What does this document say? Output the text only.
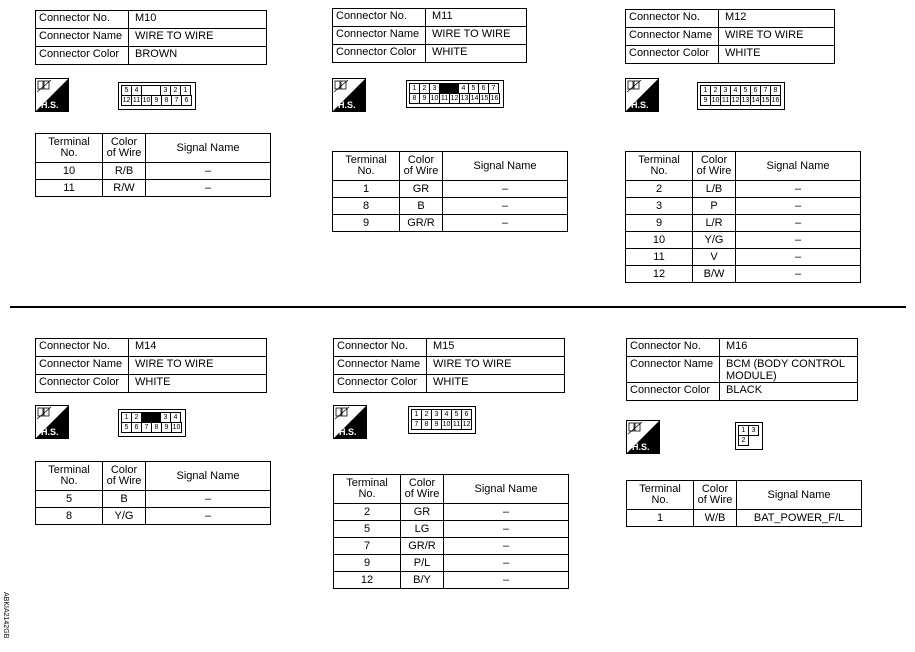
ABKIA2142GB
Connector No.	M10
Connector Name	WIRE TO WIRE
Connector Color	BROWN
H.S.
5 4	3 2 1
12 11 10 9 8 7 6
Terminal No.	Color of Wire	Signal Name
10	R/B	–
11	R/W	–
Connector No.	M11
Connector Name	WIRE TO WIRE
Connector Color	WHITE
H.S.
1 2 3	4 5 6 7
8 9 10 11 12 13 14 15 16
Terminal No.	Color of Wire	Signal Name
1	GR	–
8	B	–
9	GR/R	–
Connector No.	M12
Connector Name	WIRE TO WIRE
Connector Color	WHITE
H.S.
1 2 3 4 5 6 7 8
9 10 11 12 13 14 15 16
Terminal No.	Color of Wire	Signal Name
2	L/B	–
3	P	–
9	L/R	–
10	Y/G	–
11	V	–
12	B/W	–
Connector No.	M14
Connector Name	WIRE TO WIRE
Connector Color	WHITE
H.S.
1 2	3 4
5 6 7 8 9 10
Terminal No.	Color of Wire	Signal Name
5	B	–
8	Y/G	–
Connector No.	M15
Connector Name	WIRE TO WIRE
Connector Color	WHITE
H.S.
1 2 3 4 5 6
7 8 9 10 11 12
Terminal No.	Color of Wire	Signal Name
2	GR	–
5	LG	–
7	GR/R	–
9	P/L	–
12	B/Y	–
Connector No.	M16
Connector Name	BCM (BODY CONTROL MODULE)
Connector Color	BLACK
H.S.
1 3
2
Terminal No.	Color of Wire	Signal Name
1	W/B	BAT_POWER_F/L
